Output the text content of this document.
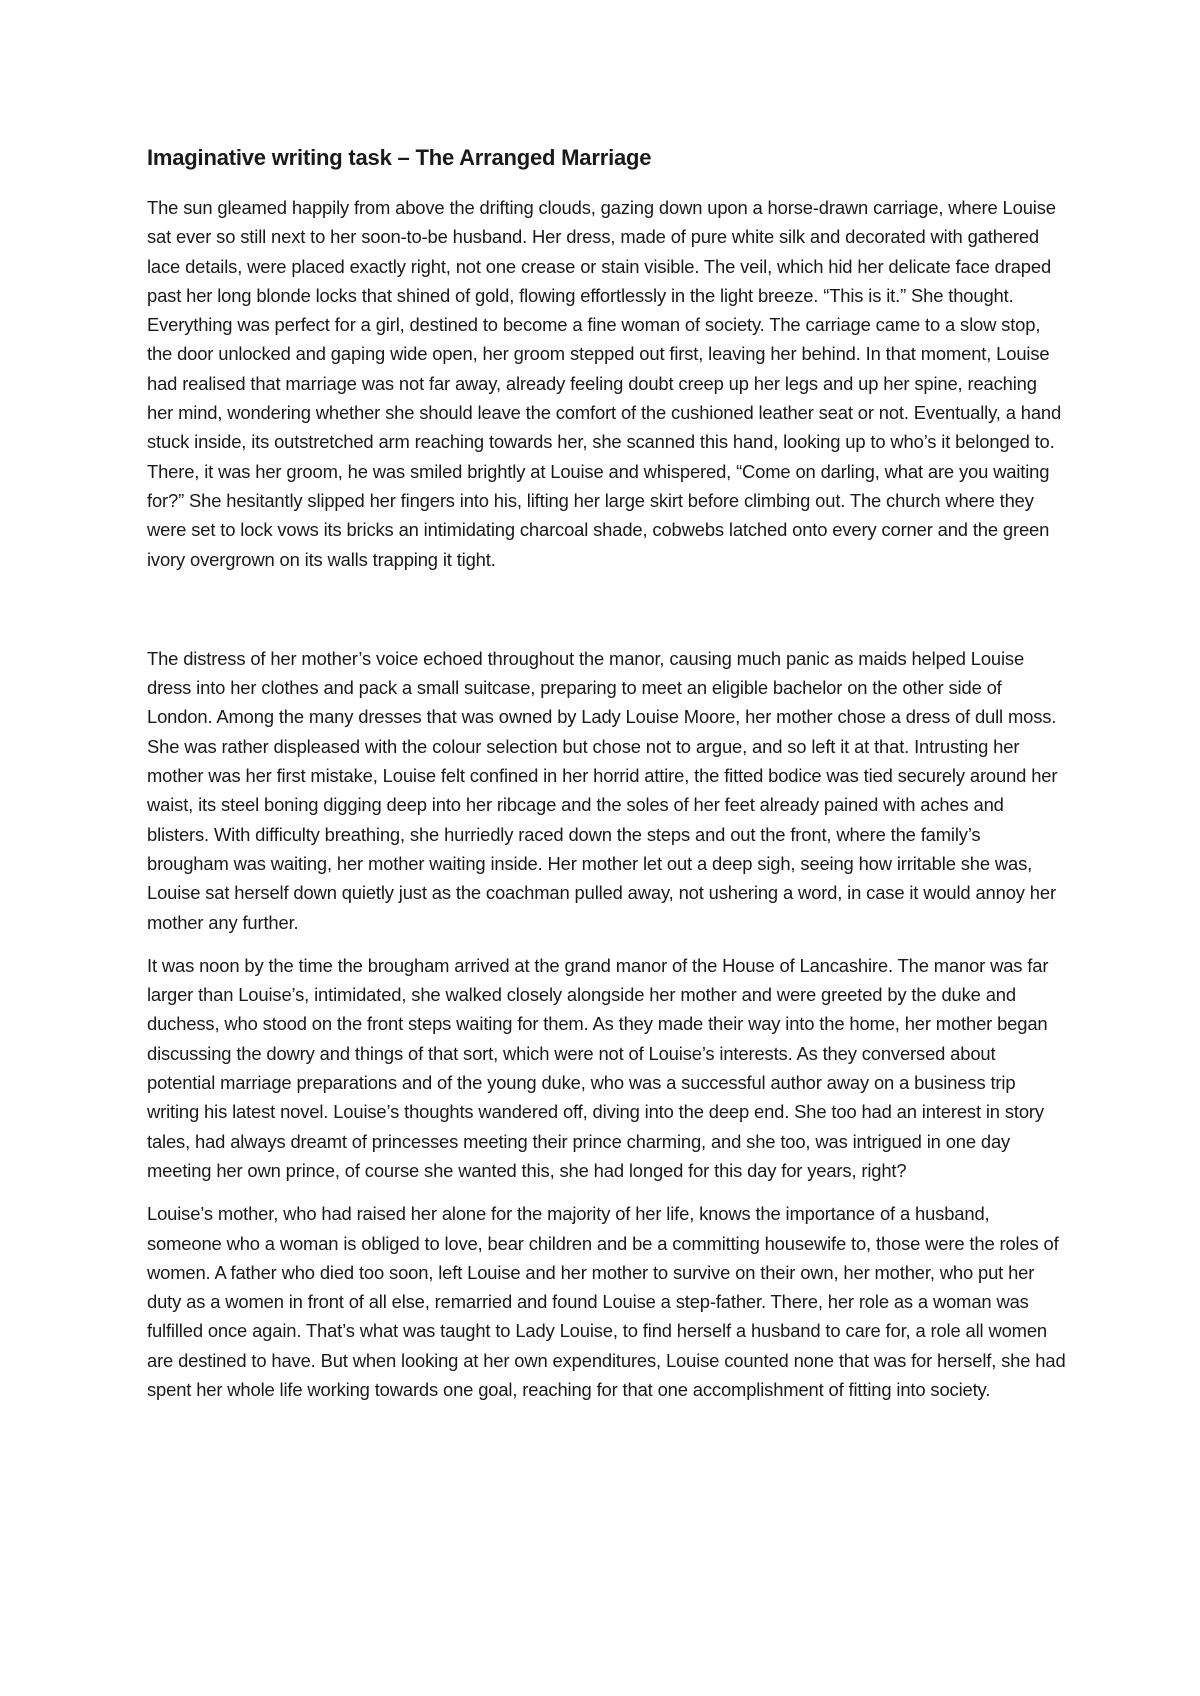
Imaginative writing task – The Arranged Marriage

The sun gleamed happily from above the drifting clouds, gazing down upon a horse-drawn carriage, where Louise sat ever so still next to her soon-to-be husband. Her dress, made of pure white silk and decorated with gathered lace details, were placed exactly right, not one crease or stain visible. The veil, which hid her delicate face draped past her long blonde locks that shined of gold, flowing effortlessly in the light breeze. “This is it.” She thought. Everything was perfect for a girl, destined to become a fine woman of society. The carriage came to a slow stop, the door unlocked and gaping wide open, her groom stepped out first, leaving her behind. In that moment, Louise had realised that marriage was not far away, already feeling doubt creep up her legs and up her spine, reaching her mind, wondering whether she should leave the comfort of the cushioned leather seat or not. Eventually, a hand stuck inside, its outstretched arm reaching towards her, she scanned this hand, looking up to who’s it belonged to. There, it was her groom, he was smiled brightly at Louise and whispered, “Come on darling, what are you waiting for?” She hesitantly slipped her fingers into his, lifting her large skirt before climbing out. The church where they were set to lock vows its bricks an intimidating charcoal shade, cobwebs latched onto every corner and the green ivory overgrown on its walls trapping it tight.

The distress of her mother’s voice echoed throughout the manor, causing much panic as maids helped Louise dress into her clothes and pack a small suitcase, preparing to meet an eligible bachelor on the other side of London. Among the many dresses that was owned by Lady Louise Moore, her mother chose a dress of dull moss. She was rather displeased with the colour selection but chose not to argue, and so left it at that. Intrusting her mother was her first mistake, Louise felt confined in her horrid attire, the fitted bodice was tied securely around her waist, its steel boning digging deep into her ribcage and the soles of her feet already pained with aches and blisters. With difficulty breathing, she hurriedly raced down the steps and out the front, where the family’s brougham was waiting, her mother waiting inside. Her mother let out a deep sigh, seeing how irritable she was, Louise sat herself down quietly just as the coachman pulled away, not ushering a word, in case it would annoy her mother any further.

It was noon by the time the brougham arrived at the grand manor of the House of Lancashire. The manor was far larger than Louise’s, intimidated, she walked closely alongside her mother and were greeted by the duke and duchess, who stood on the front steps waiting for them. As they made their way into the home, her mother began discussing the dowry and things of that sort, which were not of Louise’s interests. As they conversed about potential marriage preparations and of the young duke, who was a successful author away on a business trip writing his latest novel. Louise’s thoughts wandered off, diving into the deep end. She too had an interest in story tales, had always dreamt of princesses meeting their prince charming, and she too, was intrigued in one day meeting her own prince, of course she wanted this, she had longed for this day for years, right?

Louise’s mother, who had raised her alone for the majority of her life, knows the importance of a husband, someone who a woman is obliged to love, bear children and be a committing housewife to, those were the roles of women. A father who died too soon, left Louise and her mother to survive on their own, her mother, who put her duty as a women in front of all else, remarried and found Louise a step-father. There, her role as a woman was fulfilled once again. That’s what was taught to Lady Louise, to find herself a husband to care for, a role all women are destined to have. But when looking at her own expenditures, Louise counted none that was for herself, she had spent her whole life working towards one goal, reaching for that one accomplishment of fitting into society.
